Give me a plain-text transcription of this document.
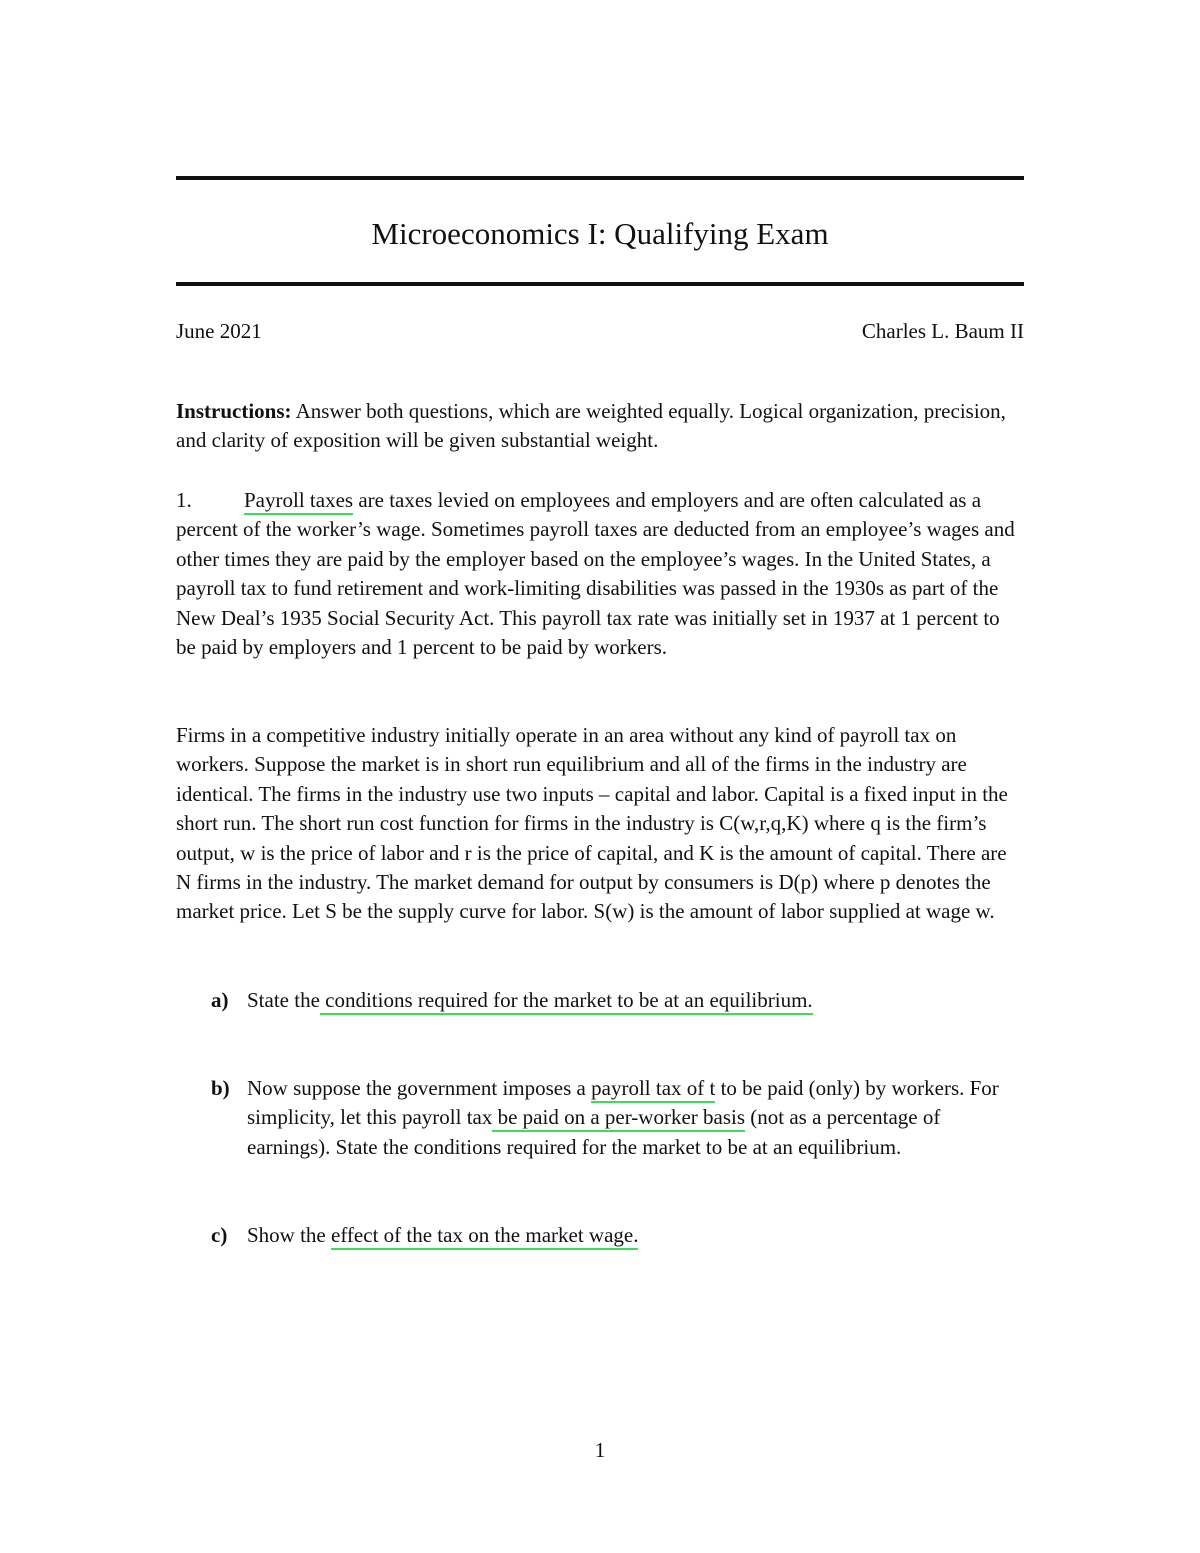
Microeconomics I: Qualifying Exam
June 2021	Charles L. Baum II
Instructions: Answer both questions, which are weighted equally. Logical organization, precision, and clarity of exposition will be given substantial weight.
1. Payroll taxes are taxes levied on employees and employers and are often calculated as a percent of the worker’s wage. Sometimes payroll taxes are deducted from an employee’s wages and other times they are paid by the employer based on the employee’s wages. In the United States, a payroll tax to fund retirement and work-limiting disabilities was passed in the 1930s as part of the New Deal’s 1935 Social Security Act. This payroll tax rate was initially set in 1937 at 1 percent to be paid by employers and 1 percent to be paid by workers.
Firms in a competitive industry initially operate in an area without any kind of payroll tax on workers. Suppose the market is in short run equilibrium and all of the firms in the industry are identical. The firms in the industry use two inputs – capital and labor. Capital is a fixed input in the short run. The short run cost function for firms in the industry is C(w,r,q,K) where q is the firm’s output, w is the price of labor and r is the price of capital, and K is the amount of capital. There are N firms in the industry. The market demand for output by consumers is D(p) where p denotes the market price. Let S be the supply curve for labor. S(w) is the amount of labor supplied at wage w.
a) State the conditions required for the market to be at an equilibrium.
b) Now suppose the government imposes a payroll tax of t to be paid (only) by workers. For simplicity, let this payroll tax be paid on a per-worker basis (not as a percentage of earnings). State the conditions required for the market to be at an equilibrium.
c) Show the effect of the tax on the market wage.
1
